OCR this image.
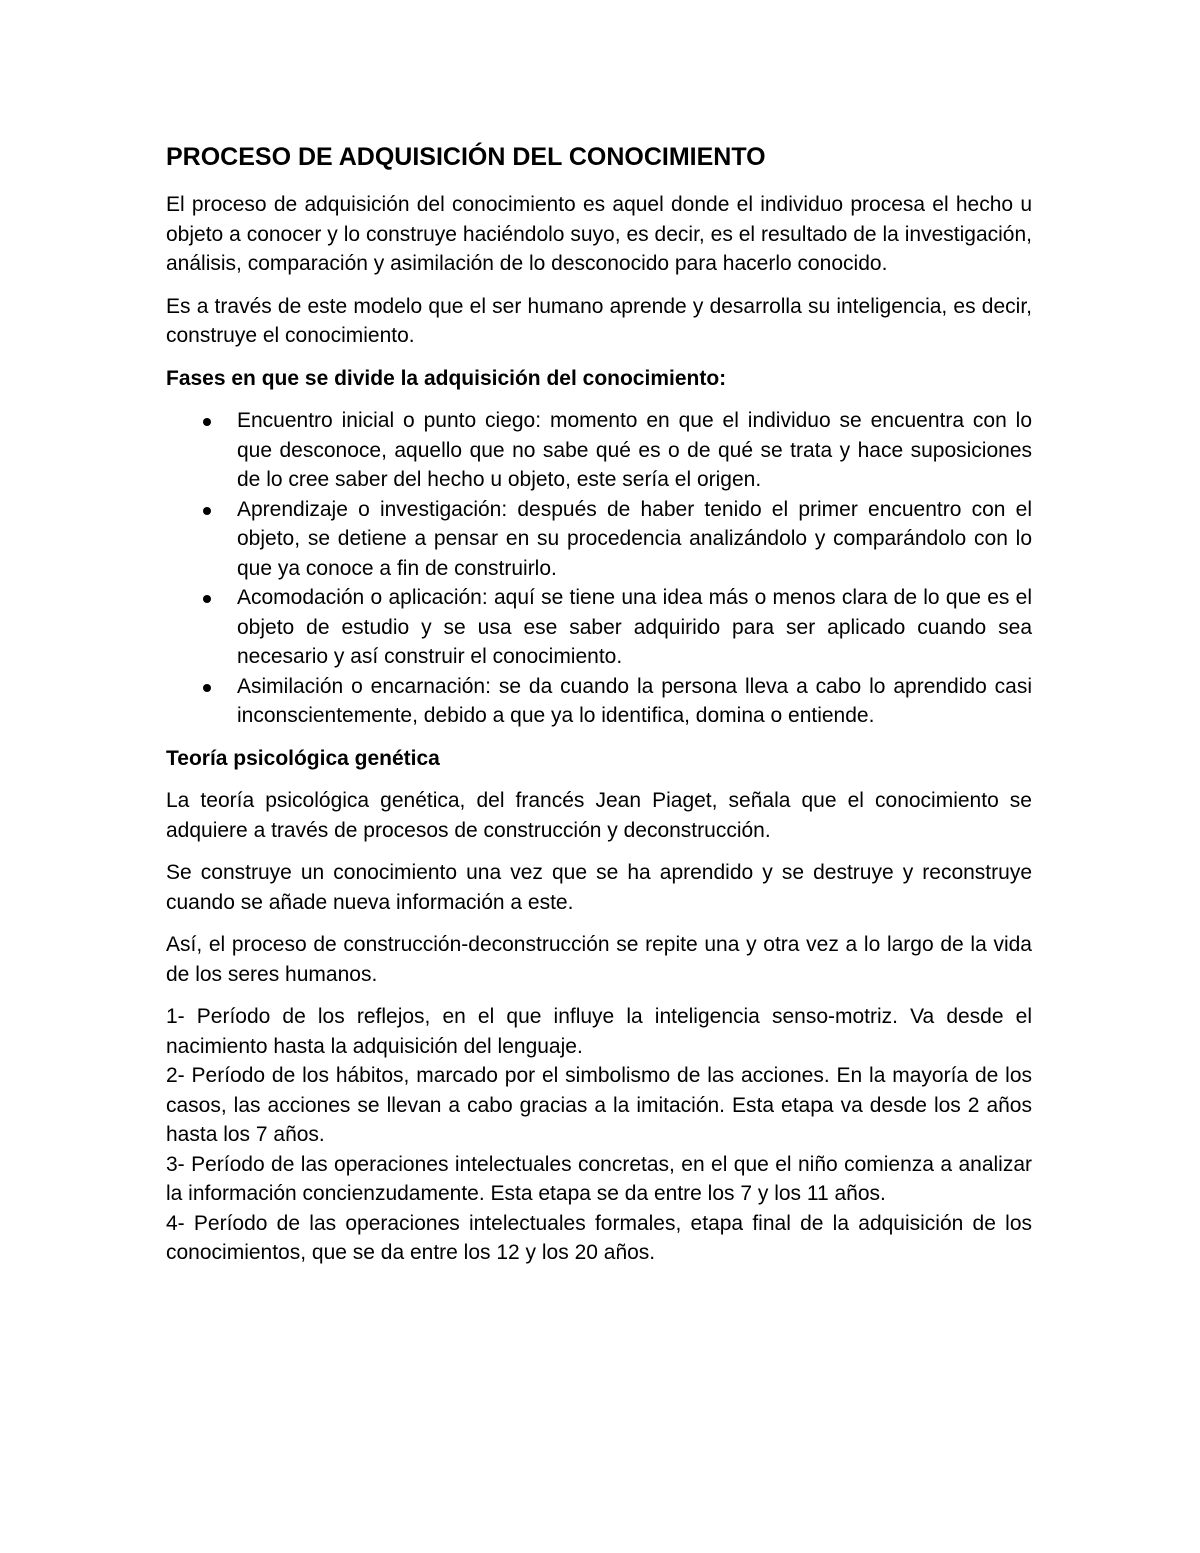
PROCESO DE ADQUISICIÓN DEL CONOCIMIENTO

El proceso de adquisición del conocimiento es aquel donde el individuo procesa el hecho u objeto a conocer y lo construye haciéndolo suyo, es decir, es el resultado de la investigación, análisis, comparación y asimilación de lo desconocido para hacerlo conocido.

Es a través de este modelo que el ser humano aprende y desarrolla su inteligencia, es decir, construye el conocimiento.

Fases en que se divide la adquisición del conocimiento:
Encuentro inicial o punto ciego: momento en que el individuo se encuentra con lo que desconoce, aquello que no sabe qué es o de qué se trata y hace suposiciones de lo cree saber del hecho u objeto, este sería el origen.
Aprendizaje o investigación: después de haber tenido el primer encuentro con el objeto, se detiene a pensar en su procedencia analizándolo y comparándolo con lo que ya conoce a fin de construirlo.
Acomodación o aplicación: aquí se tiene una idea más o menos clara de lo que es el objeto de estudio y se usa ese saber adquirido para ser aplicado cuando sea necesario y así construir el conocimiento.
Asimilación o encarnación: se da cuando la persona lleva a cabo lo aprendido casi inconscientemente, debido a que ya lo identifica, domina o entiende.
Teoría psicológica genética

La teoría psicológica genética, del francés Jean Piaget, señala que el conocimiento se adquiere a través de procesos de construcción y deconstrucción.

Se construye un conocimiento una vez que se ha aprendido y se destruye y reconstruye cuando se añade nueva información a este.

Así, el proceso de construcción-deconstrucción se repite una y otra vez a lo largo de la vida de los seres humanos.

1- Período de los reflejos, en el que influye la inteligencia senso-motriz. Va desde el nacimiento hasta la adquisición del lenguaje.

2- Período de los hábitos, marcado por el simbolismo de las acciones. En la mayoría de los casos, las acciones se llevan a cabo gracias a la imitación. Esta etapa va desde los 2 años hasta los 7 años.

3- Período de las operaciones intelectuales concretas, en el que el niño comienza a analizar la información concienzudamente. Esta etapa se da entre los 7 y los 11 años.

4- Período de las operaciones intelectuales formales, etapa final de la adquisición de los conocimientos, que se da entre los 12 y los 20 años.
